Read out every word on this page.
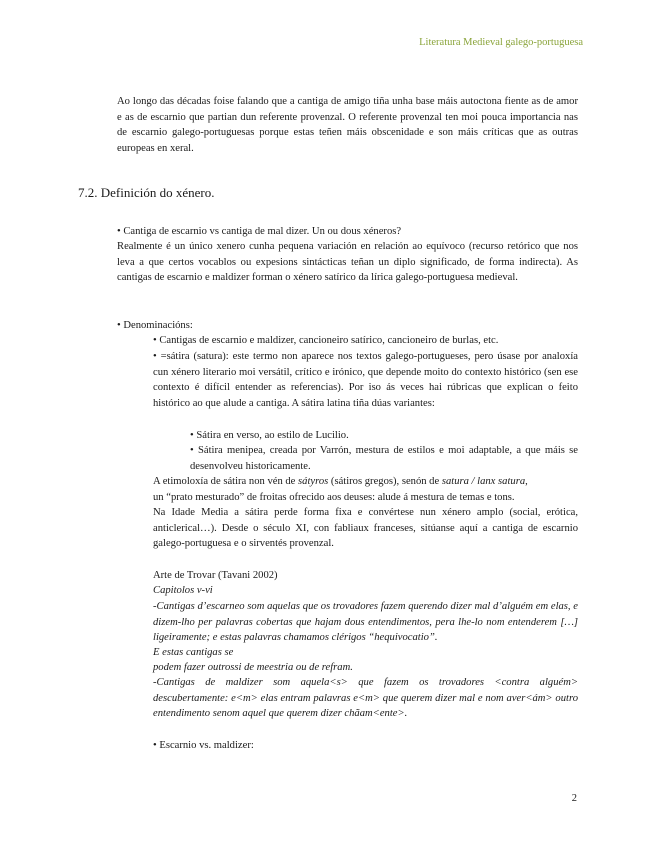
Literatura Medieval galego-portuguesa
Ao longo das décadas foise falando que a cantiga de amigo tiña unha base máis autoctona fiente as de amor e as de escarnio que partian dun referente provenzal. O referente provenzal ten moi pouca importancia nas de escarnio galego-portuguesas porque estas teñen máis obscenidade e son máis críticas que as outras europeas en xeral.
7.2. Definición do xénero.
• Cantiga de escarnio vs cantiga de mal dizer. Un ou dous xéneros?
Realmente é un único xenero cunha pequena variación en relación ao equívoco (recurso retórico que nos leva a que certos vocablos ou expesions sintácticas teñan un diplo significado, de forma indirecta). As cantigas de escarnio e maldizer forman o xénero satírico da lírica galego-portuguesa medieval.
• Denominacións:
• Cantigas de escarnio e maldizer, cancioneiro satírico, cancioneiro de burlas, etc.
• =sátira (satura): este termo non aparece nos textos galego-portugueses, pero úsase por analoxía cun xénero literario moi versátil, crítico e irónico, que depende moito do contexto histórico (sen ese contexto é difícil entender as referencias). Por iso ás veces hai rúbricas que explican o feito histórico ao que alude a cantiga. A sátira latina tiña dúas variantes:
• Sátira en verso, ao estilo de Lucilio.
• Sátira menipea, creada por Varrón, mestura de estilos e moi adaptable, a que máis se desenvolveu historicamente.
A etimoloxía de sátira non vén de sátyros (sátiros gregos), senón de satura / lanx satura,
un “prato mesturado” de froitas ofrecido aos deuses: alude á mestura de temas e tons.
Na Idade Media a sátira perde forma fixa e convértese nun xénero amplo (social, erótica, anticlerical…). Desde o século XI, con fabliaux franceses, sitúanse aquí a cantiga de escarnio galego-portuguesa e o sirventés provenzal.
Arte de Trovar (Tavani 2002)
Capitolos v-vi
-Cantigas d’escarneo som aquelas que os trovadores fazem querendo dizer mal d’alguém em elas, e dizem-lho per palavras cobertas que hajam dous entendimentos, pera lhe-lo nom entenderem […] ligeiramente; e estas palavras chamamos clérigos “hequivocatio”.
E estas cantigas se
podem fazer outrossi de meestria ou de refram.
-Cantigas de maldizer som aquela<s> que fazem os trovadores <contra alguém> descubertamente: e<m> elas entram palavras e<m> que querem dizer mal e nom aver<ám> outro entendimento senom aquel que querem dizer chãam<ente>.
• Escarnio vs. maldizer:
2
